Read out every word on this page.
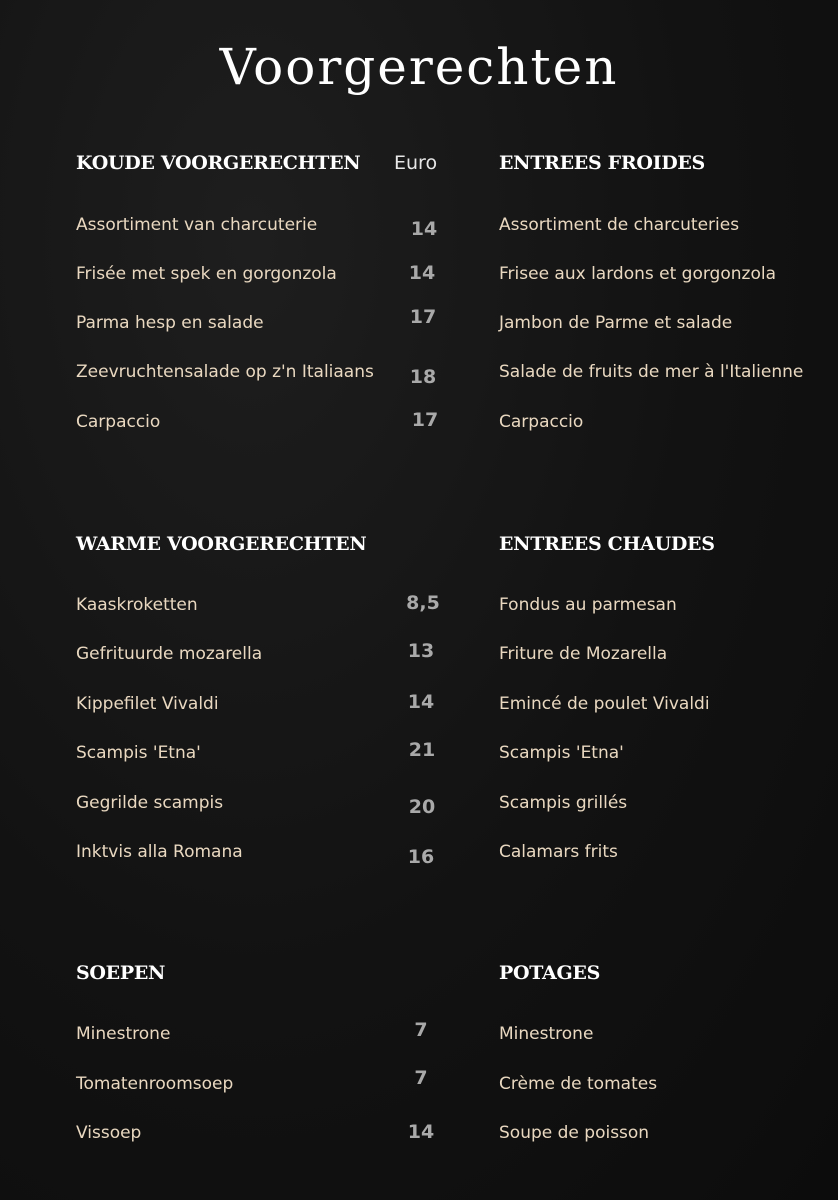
Voorgerechten
KOUDE VOORGERECHTEN Euro	ENTREES FROIDES
Assortiment van charcuterie	14	Assortiment de charcuteries
Frisée met spek en gorgonzola	14	Frisee aux lardons et gorgonzola
Parma hesp en salade	17	Jambon de Parme et salade
Zeevruchtensalade op z'n Italiaans	18	Salade de fruits de mer à l'Italienne
Carpaccio	17	Carpaccio
WARME VOORGERECHTEN	ENTREES CHAUDES
Kaaskroketten	8,5	Fondus au parmesan
Gefrituurde mozarella	13	Friture de Mozarella
Kippefilet Vivaldi	14	Emincé de poulet Vivaldi
Scampis 'Etna'	21	Scampis 'Etna'
Gegrilde scampis	20	Scampis grillés
Inktvis alla Romana	16	Calamars frits
SOEPEN	POTAGES
Minestrone	7	Minestrone
Tomatenroomsoep	7	Crème de tomates
Vissoep	14	Soupe de poisson
